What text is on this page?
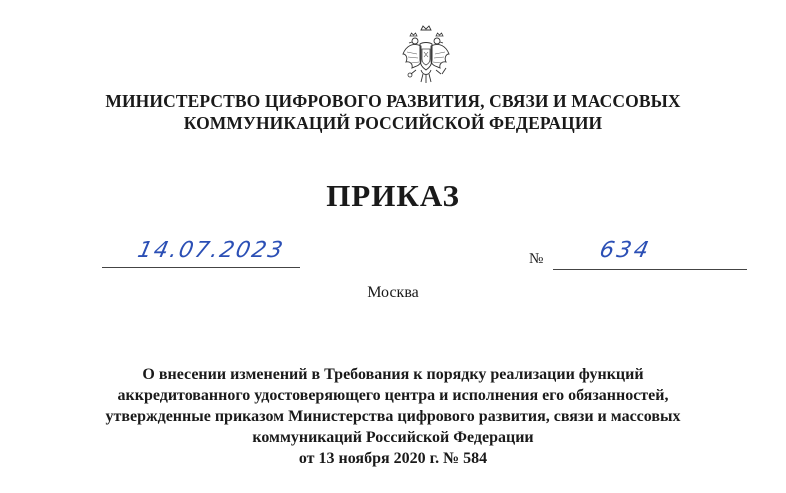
МИНИСТЕРСТВО ЦИФРОВОГО РАЗВИТИЯ, СВЯЗИ И МАССОВЫХ
КОММУНИКАЦИЙ РОССИЙСКОЙ ФЕДЕРАЦИИ
ПРИКАЗ
14.07.2023	№ 634
Москва
О внесении изменений в Требования к порядку реализации функций
аккредитованного удостоверяющего центра и исполнения его обязанностей,
утвержденные приказом Министерства цифрового развития, связи и массовых
коммуникаций Российской Федерации
от 13 ноября 2020 г. № 584
